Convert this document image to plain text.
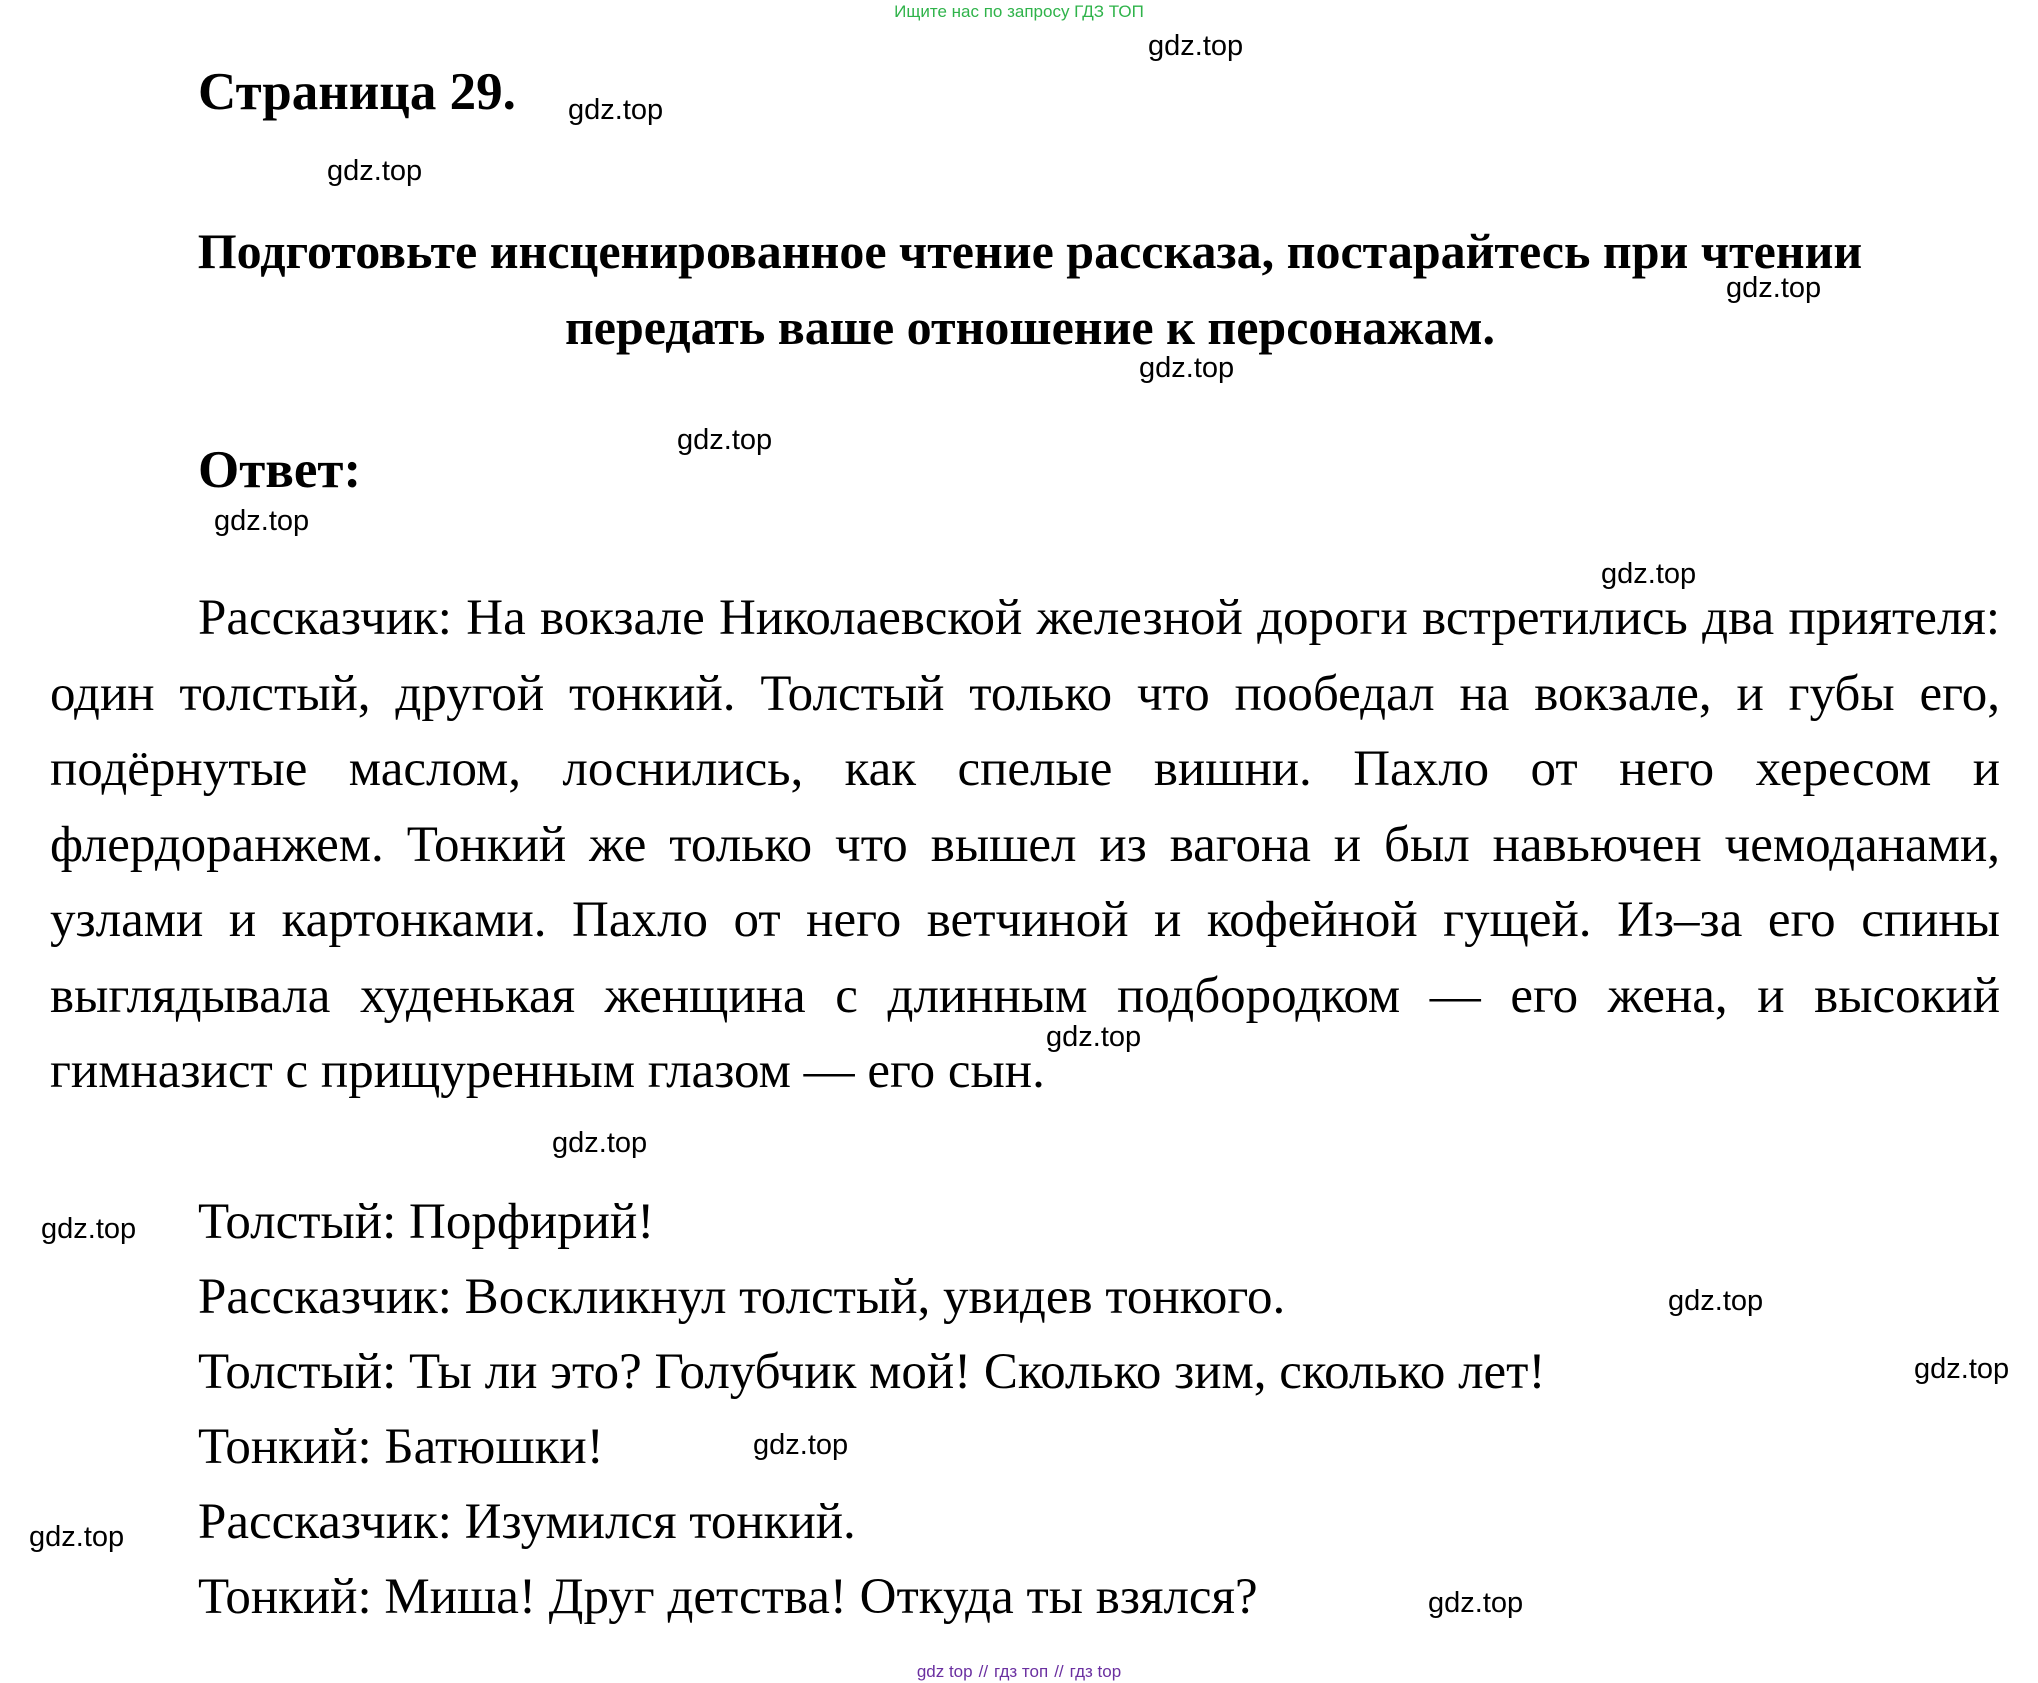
Ищите нас по запросу ГДЗ ТОП
Страница 29.
Подготовьте инсценированное чтение рассказа, постарайтесь при чтении передать ваше отношение к персонажам.
Ответ:
Рассказчик: На вокзале Николаевской железной дороги встретились два приятеля: один толстый, другой тонкий. Толстый только что пообедал на вокзале, и губы его, подёрнутые маслом, лоснились, как спелые вишни. Пахло от него хересом и флердоранжем. Тонкий же только что вышел из вагона и был навьючен чемоданами, узлами и картонками. Пахло от него ветчиной и кофейной гущей. Из‒за его спины выглядывала худенькая женщина с длинным подбородком — его жена, и высокий гимназист с прищуренным глазом — его сын.
Толстый: Порфирий!
Рассказчик: Воскликнул толстый, увидев тонкого.
Толстый: Ты ли это? Голубчик мой! Сколько зим, сколько лет!
Тонкий: Батюшки!
Рассказчик: Изумился тонкий.
Тонкий: Миша! Друг детства! Откуда ты взялся?
gdz.top
gdz.top
gdz.top
gdz.top
gdz.top
gdz.top
gdz.top
gdz.top
gdz.top
gdz.top
gdz.top
gdz.top
gdz.top
gdz.top
gdz.top
gdz.top
gdz top // гдз топ // гдз top
